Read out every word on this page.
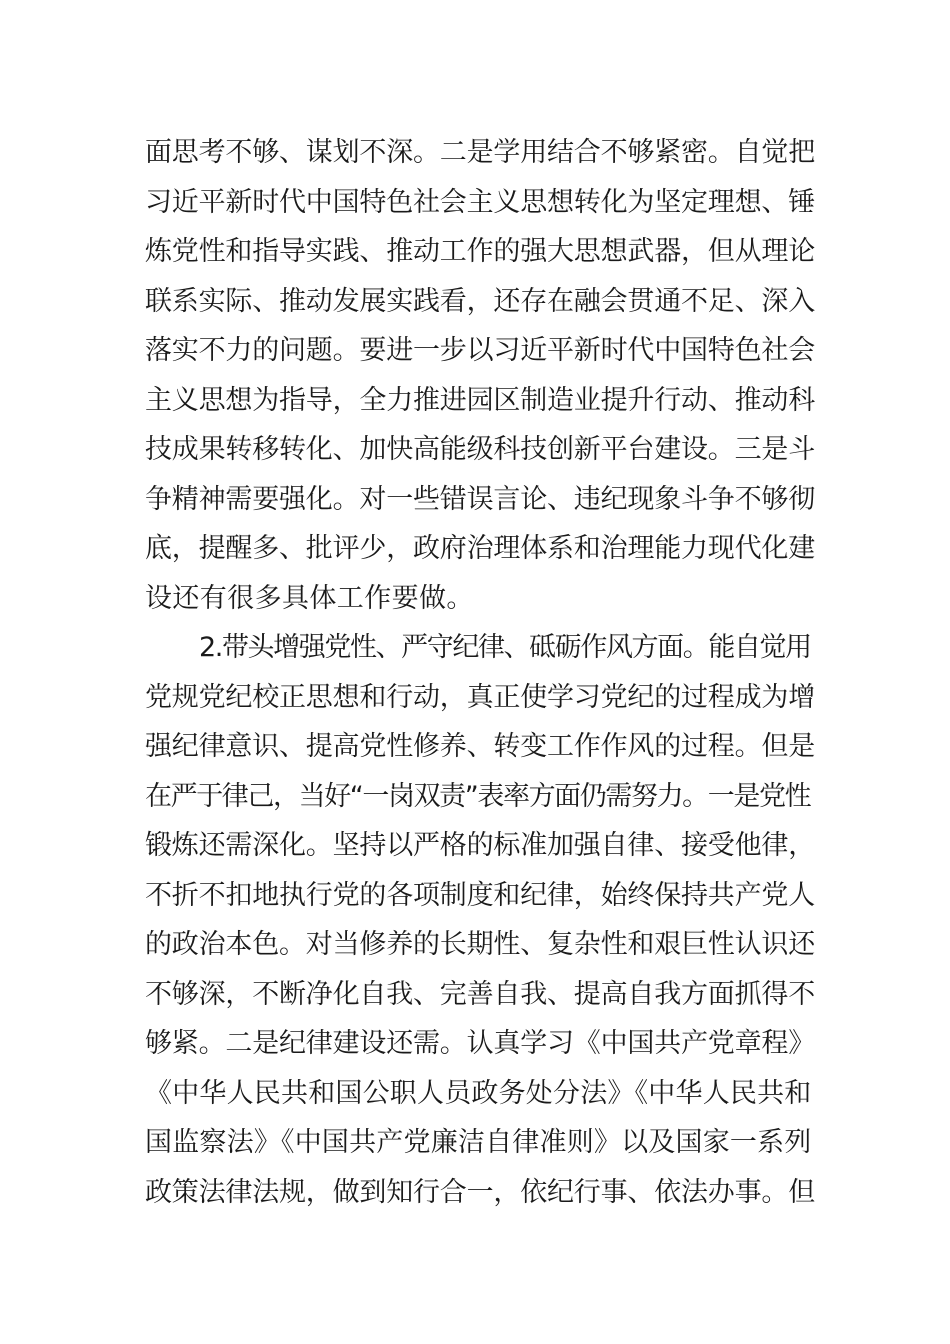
面思考不够、谋划不深。二是学用结合不够紧密。自觉把
习近平新时代中国特色社会主义思想转化为坚定理想、锤
炼党性和指导实践、推动工作的强大思想武器，但从理论
联系实际、推动发展实践看，还存在融会贯通不足、深入
落实不力的问题。要进一步以习近平新时代中国特色社会
主义思想为指导，全力推进园区制造业提升行动、推动科
技成果转移转化、加快高能级科技创新平台建设。三是斗
争精神需要强化。对一些错误言论、违纪现象斗争不够彻
底，提醒多、批评少，政府治理体系和治理能力现代化建
设还有很多具体工作要做。
2.带头增强党性、严守纪律、砥砺作风方面。能自觉用
党规党纪校正思想和行动，真正使学习党纪的过程成为增
强纪律意识、提高党性修养、转变工作作风的过程。但是
在严于律己，当好“一岗双责”表率方面仍需努力。一是党性
锻炼还需深化。坚持以严格的标准加强自律、接受他律，
不折不扣地执行党的各项制度和纪律，始终保持共产党人
的政治本色。对当修养的长期性、复杂性和艰巨性认识还
不够深，不断净化自我、完善自我、提高自我方面抓得不
够紧。二是纪律建设还需。认真学习《中国共产党章程》
《中华人民共和国公职人员政务处分法》《中华人民共和
国监察法》《中国共产党廉洁自律准则》以及国家一系列
政策法律法规，做到知行合一，依纪行事、依法办事。但
